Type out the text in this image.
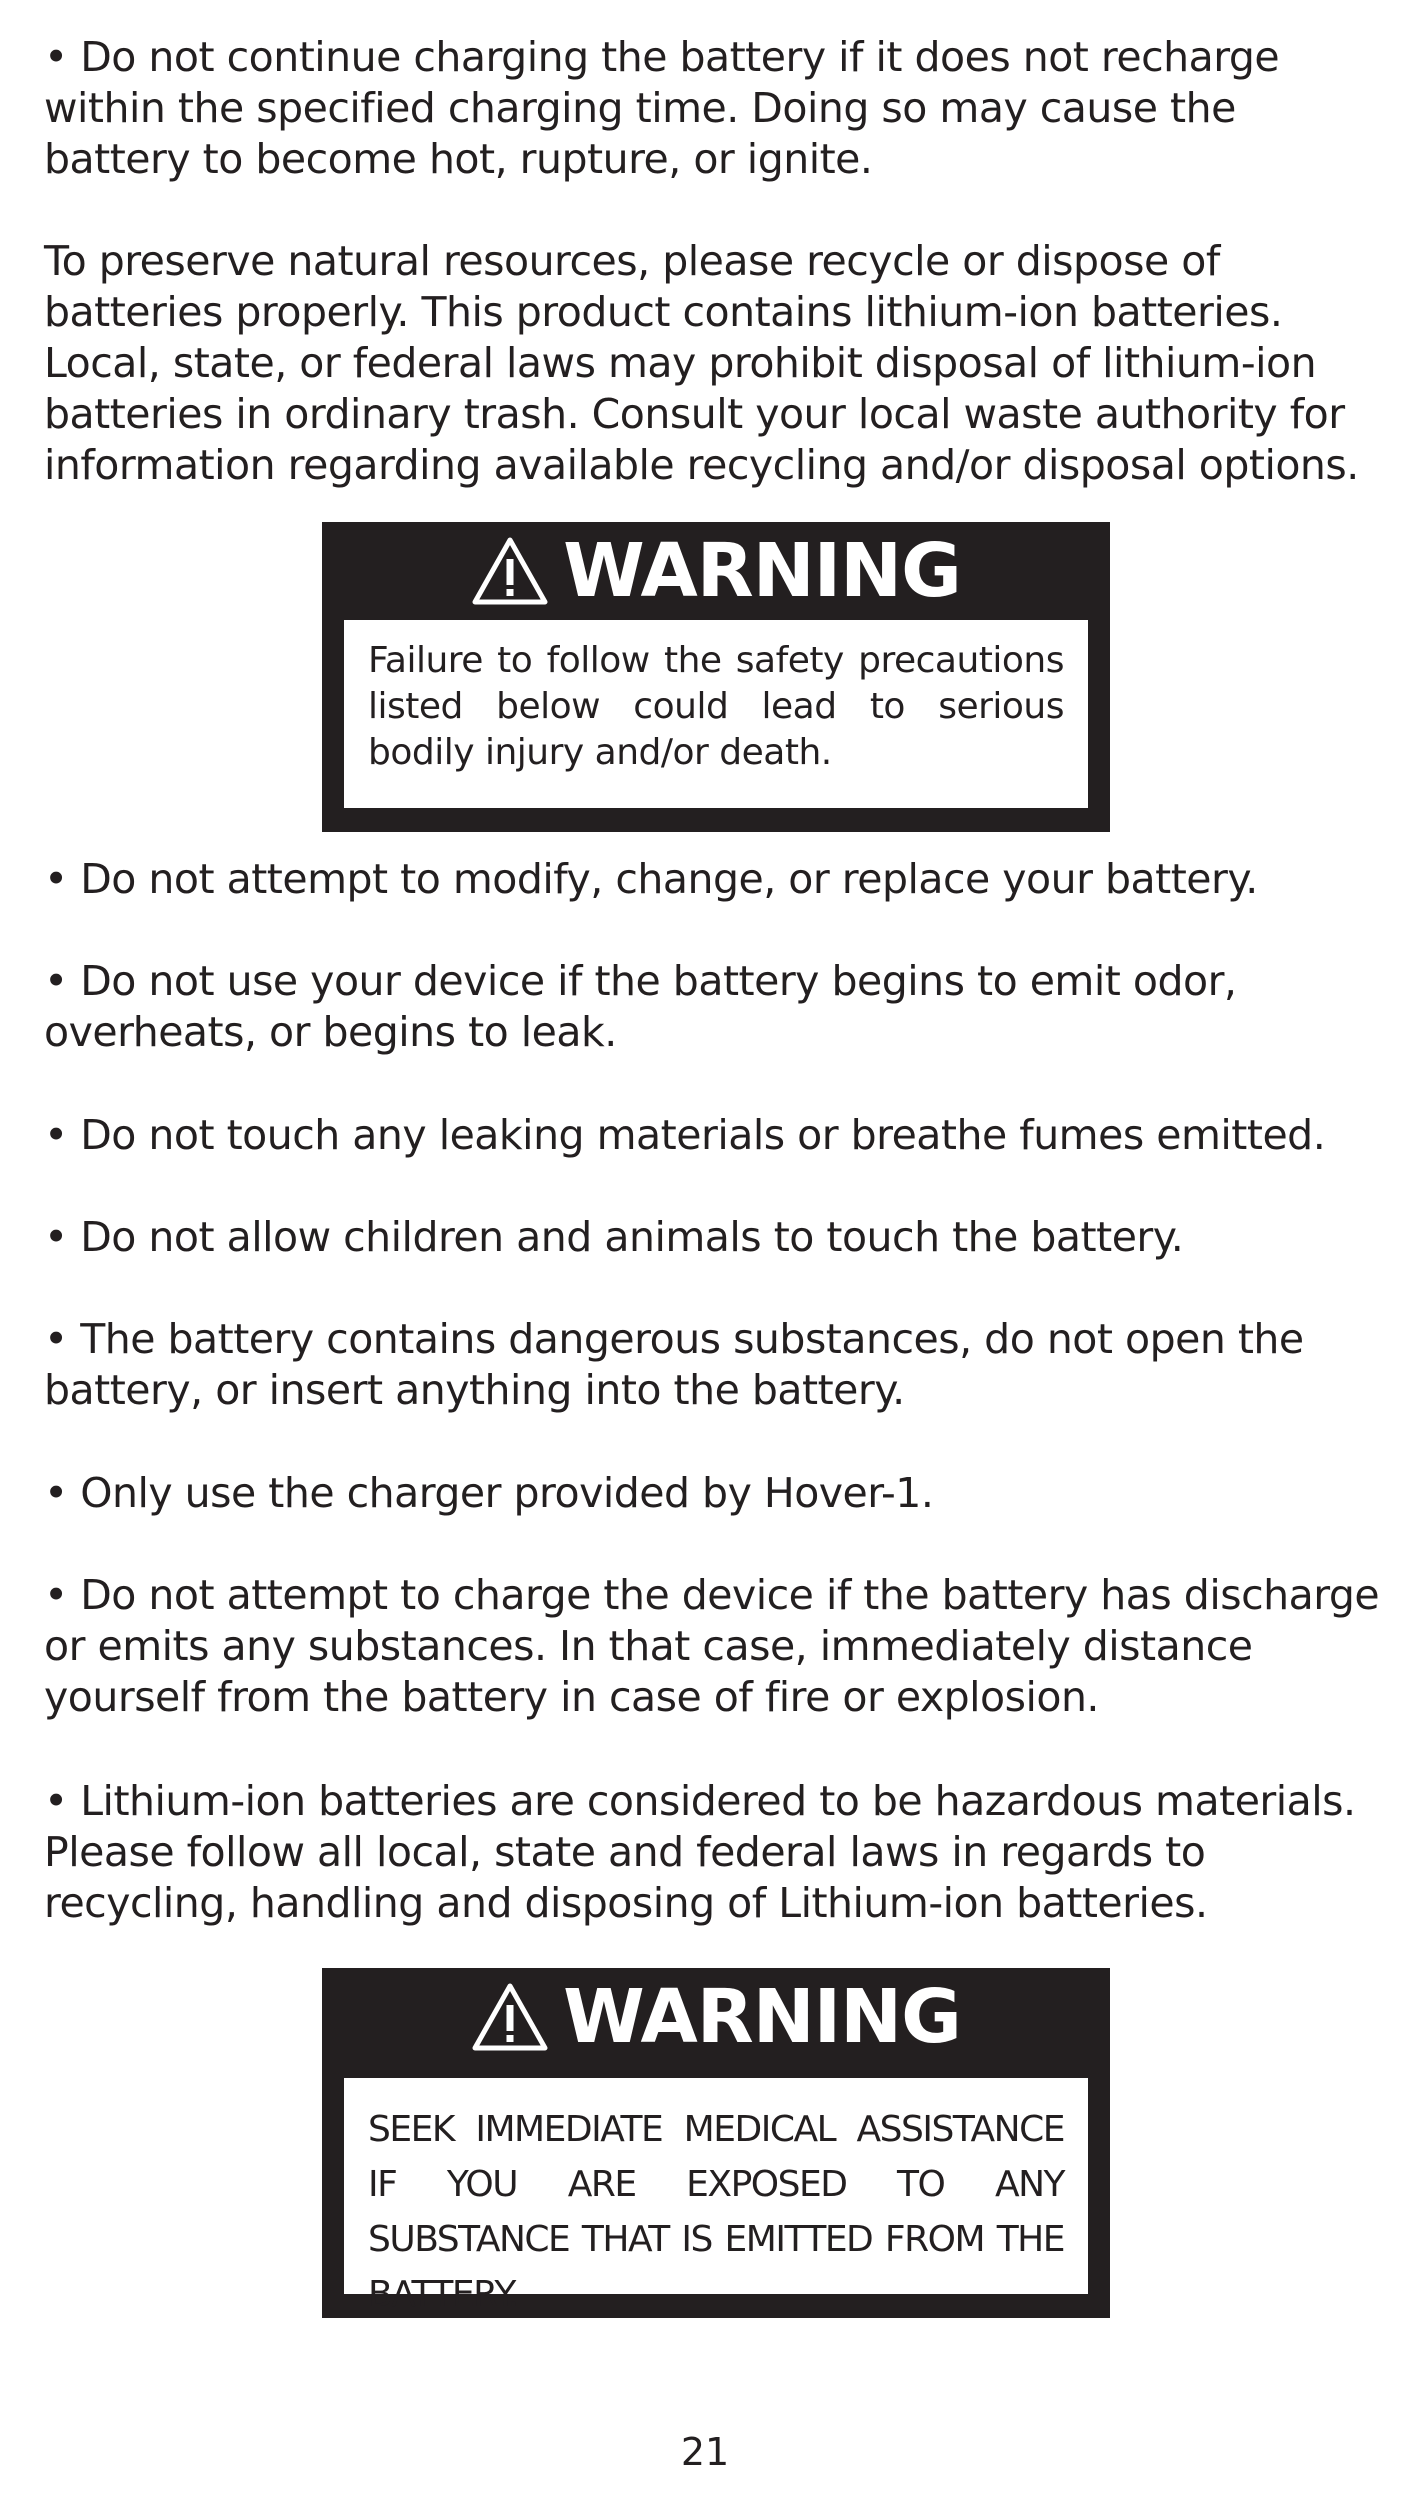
• Do not continue charging the battery if it does not recharge within the specified charging time. Doing so may cause the battery to become hot, rupture, or ignite.

To preserve natural resources, please recycle or dispose of batteries properly. This product contains lithium-ion batteries. Local, state, or federal laws may prohibit disposal of lithium-ion batteries in ordinary trash. Consult your local waste authority for information regarding available recycling and/or disposal options.

WARNING
Failure to follow the safety precautions listed below could lead to serious bodily injury and/or death.

• Do not attempt to modify, change, or replace your battery.

• Do not use your device if the battery begins to emit odor, overheats, or begins to leak.

• Do not touch any leaking materials or breathe fumes emitted.

• Do not allow children and animals to touch the battery.

• The battery contains dangerous substances, do not open the battery, or insert anything into the battery.

• Only use the charger provided by Hover-1.

• Do not attempt to charge the device if the battery has discharge or emits any substances. In that case, immediately distance yourself from the battery in case of fire or explosion.

• Lithium-ion batteries are considered to be hazardous materials. Please follow all local, state and federal laws in regards to recycling, handling and disposing of Lithium-ion batteries.

WARNING
SEEK IMMEDIATE MEDICAL ASSISTANCE IF YOU ARE EXPOSED TO ANY SUBSTANCE THAT IS EMITTED FROM THE BATTERY.
21
